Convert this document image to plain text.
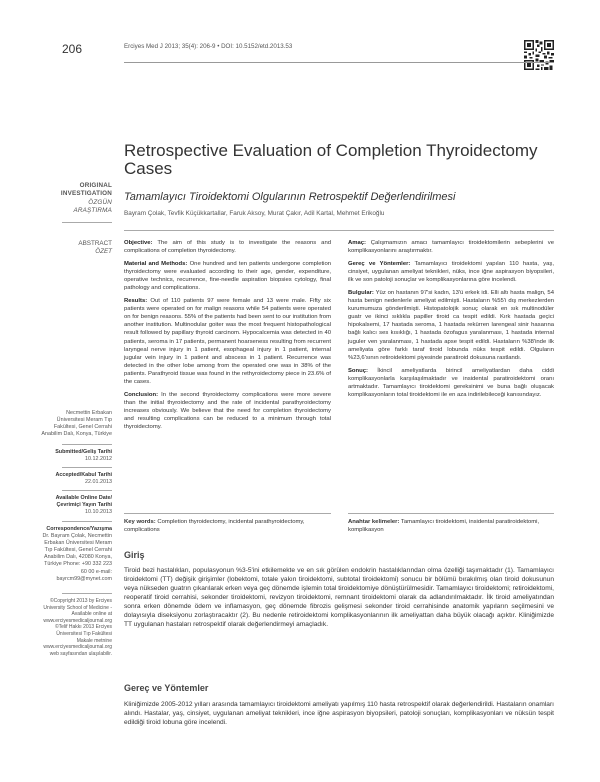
206	Erciyes Med J 2013; 35(4): 206-9 • DOI: 10.5152/etd.2013.53
ORIGINAL
INVESTIGATION
ÖZGÜN
ARAŞTIRMA
Retrospective Evaluation of Completion Thyroidectomy Cases
Tamamlayıcı Tiroidektomi Olgularının Retrospektif Değerlendirilmesi
Bayram Çolak, Tevfik Küçükkartallar, Faruk Aksoy, Murat Çakır, Adil Kartal, Mehmet Erikoğlu
ABSTRACT
ÖZET

Objective: The aim of this study is to investigate the reasons and complications of completion thyroidectomy.

Material and Methods: One hundred and ten patients undergone completion thyroidectomy were evaluated according to their age, gender, expenditure, operative technics, recurrence, fine-needle aspiration biopsies cytology, final pathology and complications.

Results: Out of 110 patients 97 were female and 13 were male. Fifty six patients were operated on for malign reasons while 54 patients were operated on for benign reasons. 55% of the patients had been sent to our institution from another institution. Multinodular goiter was the most frequent histopathological result followed by papillary thyroid carcinom. Hypocalcemia was detected in 40 patients, seroma in 17 patients, permanent hoarseness resulting from recurrent laryngeal nerve injury in 1 patient, esophageal injury in 1 patient, internal jugular vein injury in 1 patient and abscess in 1 patient. Recurrence was detected in the other lobe among from the operated one was in 38% of the patients. Parathyroid tissue was found in the rethyroidectomy piece in 23.6% of the cases.

Conclusion: In the second thyroidectomy complications were more severe than the initial thyroidectomy and the rate of incidental parathyroidectomy increases obviously. We believe that the need for completion thyroidectomy and resulting complications can be reduced to a minimum through total thyroidectomy.

Amaç: Çalışmamızın amacı tamamlayıcı tiroidektomilerin sebeplerini ve komplikasyonlarını araştırmaktır.

Gereç ve Yöntemler: Tamamlayıcı tiroidektomi yapılan 110 hasta, yaş, cinsiyet, uygulanan ameliyat teknikleri, nüks, ince iğne aspirasyon biyopsileri, ilk ve son patoloji sonuçlar ve komplikasyonlarına göre incelendi.

Bulgular: Yüz on hastanın 97'si kadın, 13'ü erkek idi. Elli altı hasta malign, 54 hasta benign nedenlerle ameliyat edilmişti. Hastaların %55'i dış merkezlerden kurumumuza gönderilmişti. Histopatolojik sonuç olarak en sık multinodüler guatr ve ikinci sıklıkla papiller tiroid ca tespit edildi. Kırk hastada geçici hipokalsemi, 17 hastada seroma, 1 hastada rekürren larengeal sinir hasarına bağlı kalıcı ses kısıklığı, 1 hastada özofagus yaralanması, 1 hastada internal juguler ven yaralanması, 1 hastada apse tespit edildi. Hastaların %38'inde ilk ameliyata göre farklı taraf tiroid lobunda nüks tespit edildi. Olguların %23,6'sının retiroidektomi piyesinde paratiroid dokusuna rastlandı.

Sonuç: İkincil ameliyatlarda birincil ameliyatlardan daha ciddi komplikasyonlarla karşılaşılmaktadır ve insidental paratiroidektomi oranı artmaktadır. Tamamlayıcı tiroidektomi gereksinimi ve buna bağlı oluşacak komplikasyonların total tiroidektomi ile en aza indirilebileceği kanısındayız.

Key words: Completion thyroidectomy, incidental parathyroidectomy, complications
Anahtar kelimeler: Tamamlayıcı tiroidektomi, insidental paratiroidektomi, komplikasyon
Necmettin Erbakan Üniversitesi Meram Tıp Fakültesi, Genel Cerrahi Anabilim Dalı, Konya, Türkiye
Submitted/Geliş Tarihi
10.12.2012
Accepted/Kabul Tarihi
22.01.2013
Available Online Date/ Çevrimiçi Yayın Tarihi
10.10.2013
Correspondence/Yazışma
Dr. Bayram Çolak, Necmettin Erbakan Üniversitesi Meram Tıp Fakültesi, Genel Cerrahi Anabilim Dalı, 42080 Konya, Türkiye Phone: +90 332 223 60 00 e-mail:
bayrcm99@mynet.com
©Copyright 2013 by Erciyes University School of Medicine - Available online at www.erciyesmedicaljournal.org ©Telif Hakkı 2013 Erciyes Üniversitesi Tıp Fakültesi Makale metnine www.erciyesmedicaljournal.org web sayfasından ulaşılabilir.
Giriş
Tiroid bezi hastalıkları, populasyonun %3-5'ini etkilemekte ve en sık görülen endokrin hastalıklarından olma özelliği taşımaktadır (1). Tamamlayıcı tiroidektomi (TT) değişik girişimler (lobektomi, totale yakın tiroidektomi, subtotal tiroidektomi) sonucu bir bölümü bırakılmış olan tiroid dokusunun veya nükseden guatrın çıkarılarak erken veya geç dönemde işlemin total tiroidektomiye dönüştürülmesidir. Tamamlayıcı tiroidektomi; retiroidektomi, reoperatif tiroid cerrahisi, sekonder tiroidektomi, revizyon tiroidektomi, remnant tiroidektomi olarak da adlandırılmaktadır. İlk tiroid ameliyatından sonra erken dönemde ödem ve inflamasyon, geç dönemde fibrozis gelişmesi sekonder tiroid cerrahisinde anatomik yapıların seçilmesini ve dolayısıyla diseksiyonu zorlaştıracaktır (2). Bu nedenle retiroidektomi komplikasyonlarının ilk ameliyattan daha büyük olacağı açıktır. Kliniğimizde TT uygulanan hastaları retrospektif olarak değerlendirmeyi amaçladık.
Gereç ve Yöntemler
Kliniğimizde 2005-2012 yılları arasında tamamlayıcı tiroidektomi ameliyatı yapılmış 110 hasta retrospektif olarak değerlendirildi. Hastaların onamları alındı. Hastalar, yaş, cinsiyet, uygulanan ameliyat teknikleri, ince iğne aspirasyon biyopsileri, patoloji sonuçları, komplikasyonları ve nüksün tespit edildiği tiroid lobuna göre incelendi.
